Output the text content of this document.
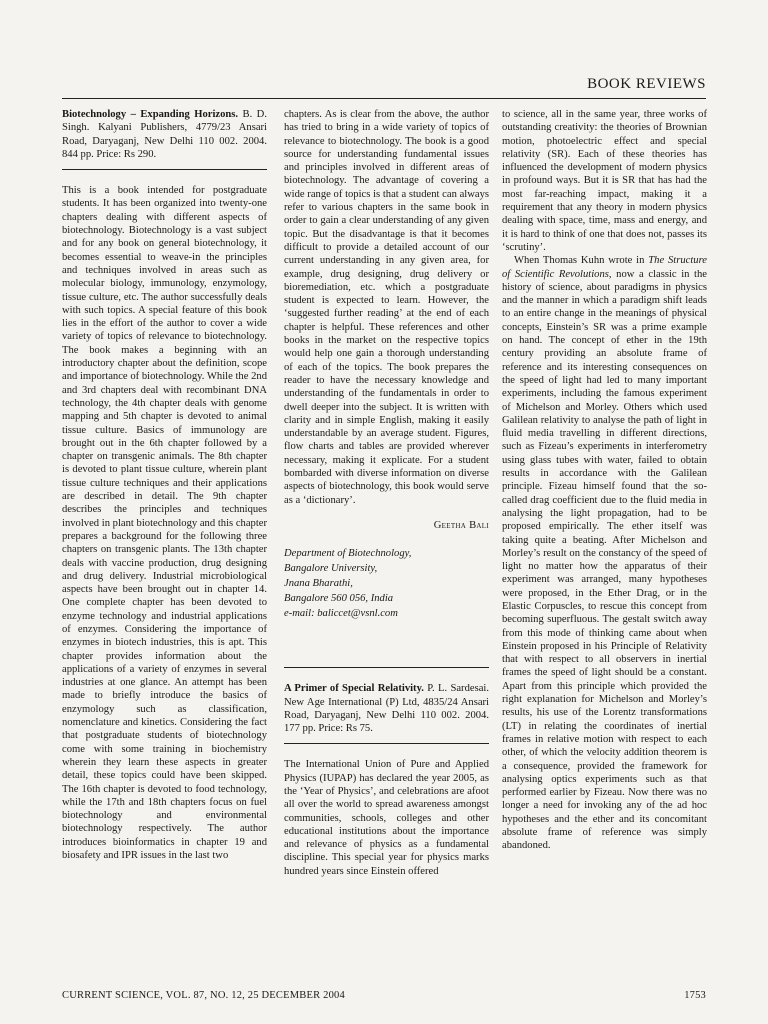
BOOK REVIEWS

Biotechnology – Expanding Horizons. B. D. Singh. Kalyani Publishers, 4779/23 Ansari Road, Daryaganj, New Delhi 110 002. 2004. 844 pp. Price: Rs 290.

This is a book intended for postgraduate students. It has been organized into twenty-one chapters dealing with different aspects of biotechnology. Biotechnology is a vast subject and for any book on general biotechnology, it becomes essential to weave-in the principles and techniques involved in areas such as molecular biology, immunology, enzymology, tissue culture, etc. The author successfully deals with such topics. A special feature of this book lies in the effort of the author to cover a wide variety of topics of relevance to biotechnology. The book makes a beginning with an introductory chapter about the definition, scope and importance of biotechnology. While the 2nd and 3rd chapters deal with recombinant DNA technology, the 4th chapter deals with genome mapping and 5th chapter is devoted to animal tissue culture. Basics of immunology are brought out in the 6th chapter followed by a chapter on transgenic animals. The 8th chapter is devoted to plant tissue culture, wherein plant tissue culture techniques and their applications are described in detail. The 9th chapter describes the principles and techniques involved in plant biotechnology and this chapter prepares a background for the following three chapters on transgenic plants. The 13th chapter deals with vaccine production, drug designing and drug delivery. Industrial microbiological aspects have been brought out in chapter 14. One complete chapter has been devoted to enzyme technology and industrial applications of enzymes. Considering the importance of enzymes in biotech industries, this is apt. This chapter provides information about the applications of a variety of enzymes in several industries at one glance. An attempt has been made to briefly introduce the basics of enzymology such as classification, nomenclature and kinetics. Considering the fact that postgraduate students of biotechnology come with some training in biochemistry wherein they learn these aspects in greater detail, these topics could have been skipped. The 16th chapter is devoted to food technology, while the 17th and 18th chapters focus on fuel biotechnology and environmental biotechnology respectively. The author introduces bioinformatics in chapter 19 and biosafety and IPR issues in the last two

chapters. As is clear from the above, the author has tried to bring in a wide variety of topics of relevance to biotechnology. The book is a good source for understanding fundamental issues and principles involved in different areas of biotechnology. The advantage of covering a wide range of topics is that a student can always refer to various chapters in the same book in order to gain a clear understanding of any given topic. But the disadvantage is that it becomes difficult to provide a detailed account of our current understanding in any given area, for example, drug designing, drug delivery or bioremediation, etc. which a postgraduate student is expected to learn. However, the ‘suggested further reading’ at the end of each chapter is helpful. These references and other books in the market on the respective topics would help one gain a thorough understanding of each of the topics. The book prepares the reader to have the necessary knowledge and understanding of the fundamentals in order to dwell deeper into the subject. It is written with clarity and in simple English, making it easily understandable by an average student. Figures, flow charts and tables are provided wherever necessary, making it explicate. For a student bombarded with diverse information on diverse aspects of biotechnology, this book would serve as a ‘dictionary’.

Geetha Bali

Department of Biotechnology,
Bangalore University,
Jnana Bharathi,
Bangalore 560 056, India
e-mail: baliccet@vsnl.com

A Primer of Special Relativity. P. L. Sardesai. New Age International (P) Ltd, 4835/24 Ansari Road, Daryaganj, New Delhi 110 002. 2004. 177 pp. Price: Rs 75.

The International Union of Pure and Applied Physics (IUPAP) has declared the year 2005, as the ‘Year of Physics’, and celebrations are afoot all over the world to spread awareness amongst communities, schools, colleges and other educational institutions about the importance and relevance of physics as a fundamental discipline. This special year for physics marks hundred years since Einstein offered

to science, all in the same year, three works of outstanding creativity: the theories of Brownian motion, photoelectric effect and special relativity (SR). Each of these theories has influenced the development of modern physics in profound ways. But it is SR that has had the most far-reaching impact, making it a requirement that any theory in modern physics dealing with space, time, mass and energy, and it is hard to think of one that does not, passes its ‘scrutiny’.

When Thomas Kuhn wrote in The Structure of Scientific Revolutions, now a classic in the history of science, about paradigms in physics and the manner in which a paradigm shift leads to an entire change in the meanings of physical concepts, Einstein’s SR was a prime example on hand. The concept of ether in the 19th century providing an absolute frame of reference and its interesting consequences on the speed of light had led to many important experiments, including the famous experiment of Michelson and Morley. Others which used Galilean relativity to analyse the path of light in fluid media travelling in different directions, such as Fizeau’s experiments in interferometry using glass tubes with water, failed to obtain results in accordance with the Galilean principle. Fizeau himself found that the so-called drag coefficient due to the fluid media in analysing the light propagation, had to be proposed empirically. The ether itself was taking quite a beating. After Michelson and Morley’s result on the constancy of the speed of light no matter how the apparatus of their experiment was arranged, many hypotheses were proposed, in the Ether Drag, or in the Elastic Corpuscles, to rescue this concept from becoming superfluous. The gestalt switch away from this mode of thinking came about when Einstein proposed in his Principle of Relativity that with respect to all observers in inertial frames the speed of light should be a constant. Apart from this principle which provided the right explanation for Michelson and Morley’s results, his use of the Lorentz transformations (LT) in relating the coordinates of inertial frames in relative motion with respect to each other, of which the velocity addition theorem is a consequence, provided the framework for analysing optics experiments such as that performed earlier by Fizeau. Now there was no longer a need for invoking any of the ad hoc hypotheses and the ether and its concomitant absolute frame of reference was simply abandoned.

CURRENT SCIENCE, VOL. 87, NO. 12, 25 DECEMBER 2004	1753
